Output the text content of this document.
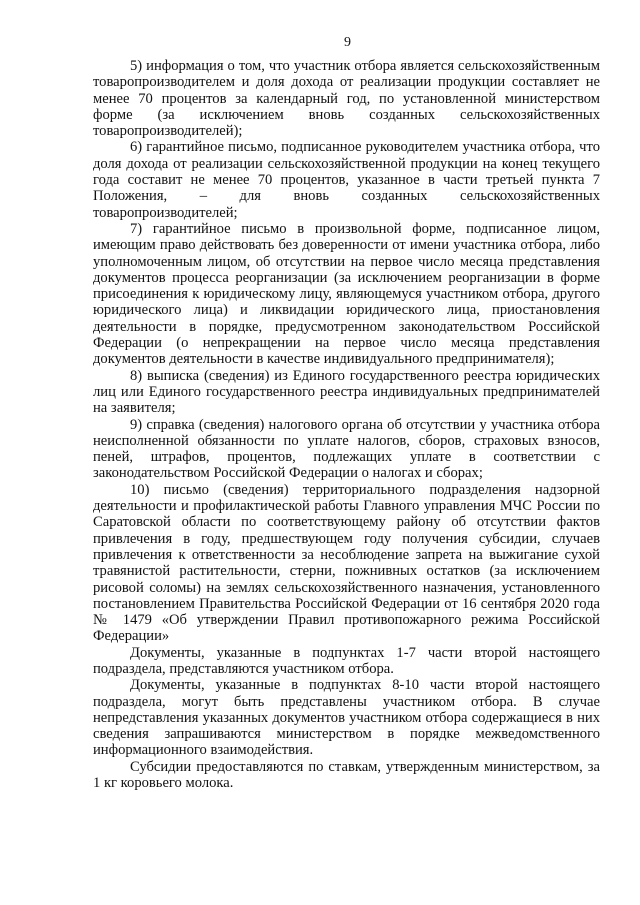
9

5) информация о том, что участник отбора является сельскохозяйственным товаропроизводителем и доля дохода от реализации продукции составляет не менее 70 процентов за календарный год, по установленной министерством форме (за исключением вновь созданных сельскохозяйственных товаропроизводителей);

6) гарантийное письмо, подписанное руководителем участника отбора, что доля дохода от реализации сельскохозяйственной продукции на конец текущего года составит не менее 70 процентов, указанное в части третьей пункта 7 Положения, – для вновь созданных сельскохозяйственных товаропроизводителей;

7) гарантийное письмо в произвольной форме, подписанное лицом, имеющим право действовать без доверенности от имени участника отбора, либо уполномоченным лицом, об отсутствии на первое число месяца представления документов процесса реорганизации (за исключением реорганизации в форме присоединения к юридическому лицу, являющемуся участником отбора, другого юридического лица) и ликвидации юридического лица, приостановления деятельности в порядке, предусмотренном законодательством Российской Федерации (о непрекращении на первое число месяца представления документов деятельности в качестве индивидуального предпринимателя);

8) выписка (сведения) из Единого государственного реестра юридических лиц или Единого государственного реестра индивидуальных предпринимателей на заявителя;

9) справка (сведения) налогового органа об отсутствии у участника отбора неисполненной обязанности по уплате налогов, сборов, страховых взносов, пеней, штрафов, процентов, подлежащих уплате в соответствии с законодательством Российской Федерации о налогах и сборах;

10) письмо (сведения) территориального подразделения надзорной деятельности и профилактической работы Главного управления МЧС России по Саратовской области по соответствующему району об отсутствии фактов привлечения в году, предшествующем году получения субсидии, случаев привлечения к ответственности за несоблюдение запрета на выжигание сухой травянистой растительности, стерни, пожнивных остатков (за исключением рисовой соломы) на землях сельскохозяйственного назначения, установленного постановлением Правительства Российской Федерации от 16 сентября 2020 года № 1479 «Об утверждении Правил противопожарного режима Российской Федерации»

Документы, указанные в подпунктах 1-7 части второй настоящего подраздела, представляются участником отбора.

Документы, указанные в подпунктах 8-10 части второй настоящего подраздела, могут быть представлены участником отбора. В случае непредставления указанных документов участником отбора содержащиеся в них сведения запрашиваются министерством в порядке межведомственного информационного взаимодействия.

Субсидии предоставляются по ставкам, утвержденным министерством, за 1 кг коровьего молока.
